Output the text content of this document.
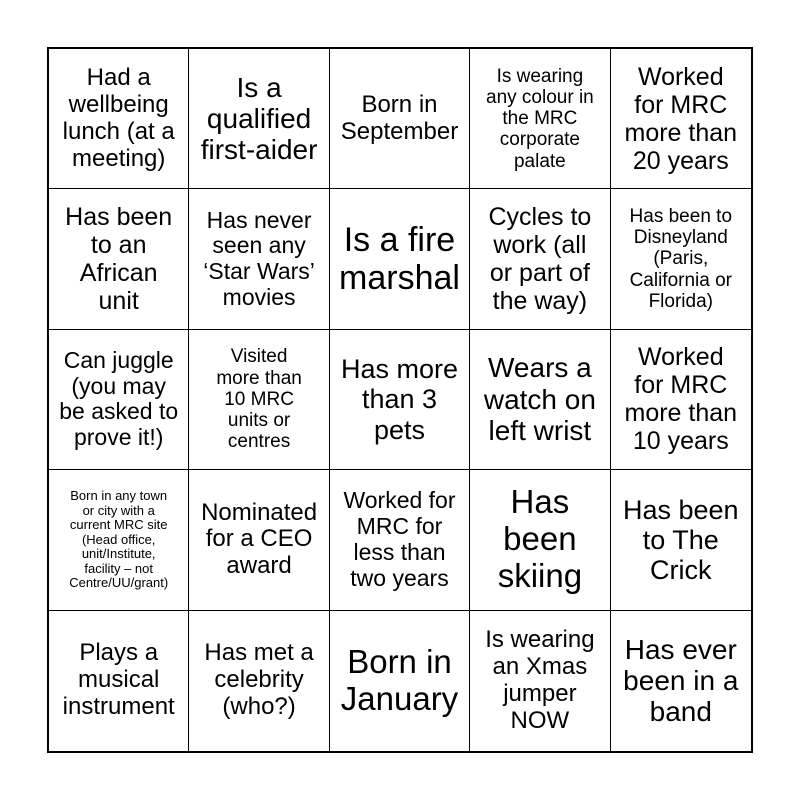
Had a
wellbeing
lunch (at a
meeting)
Is a
qualified
first-aider
Born in
September
Is wearing
any colour in
the MRC
corporate
palate
Worked
for MRC
more than
20 years
Has been
to an
African
unit
Has never
seen any
‘Star Wars’
movies
Is a fire
marshal
Cycles to
work (all
or part of
the way)
Has been to
Disneyland
(Paris,
California or
Florida)
Can juggle
(you may
be asked to
prove it!)
Visited
more than
10 MRC
units or
centres
Has more
than 3
pets
Wears a
watch on
left wrist
Worked
for MRC
more than
10 years
Born in any town
or city with a
current MRC site
(Head office,
unit/Institute,
facility – not
Centre/UU/grant)
Nominated
for a CEO
award
Worked for
MRC for
less than
two years
Has
been
skiing
Has been
to The
Crick
Plays a
musical
instrument
Has met a
celebrity
(who?)
Born in
January
Is wearing
an Xmas
jumper
NOW
Has ever
been in a
band
